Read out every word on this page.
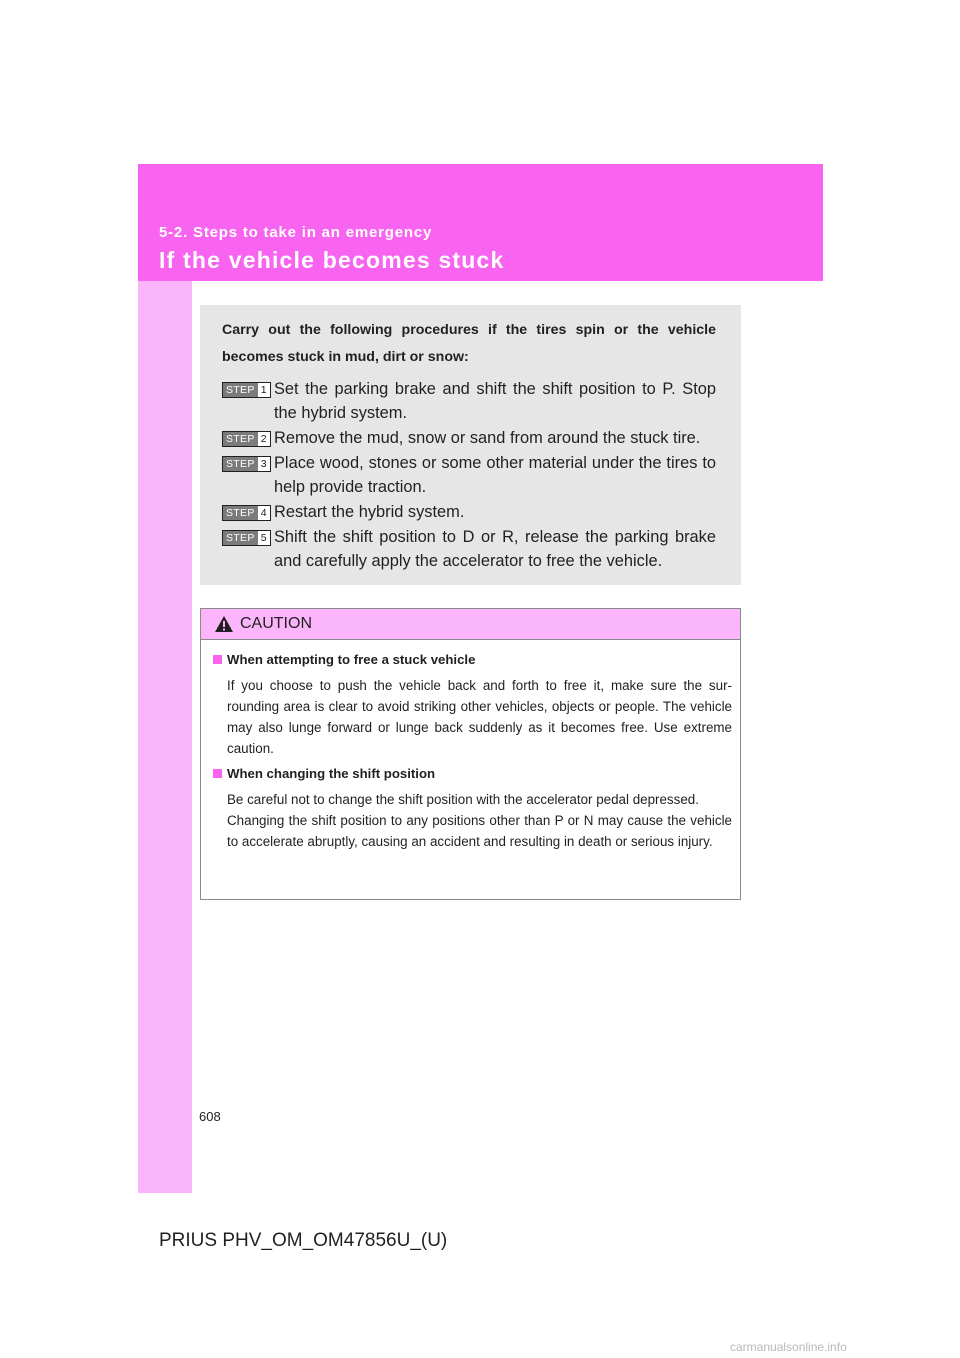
5-2. Steps to take in an emergency
If the vehicle becomes stuck

Carry out the following procedures if the tires spin or the vehicle becomes stuck in mud, dirt or snow:

STEP 1 Set the parking brake and shift the shift position to P. Stop the hybrid system.
STEP 2 Remove the mud, snow or sand from around the stuck tire.
STEP 3 Place wood, stones or some other material under the tires to help provide traction.
STEP 4 Restart the hybrid system.
STEP 5 Shift the shift position to D or R, release the parking brake and carefully apply the accelerator to free the vehicle.
CAUTION

When attempting to free a stuck vehicle

If you choose to push the vehicle back and forth to free it, make sure the sur-rounding area is clear to avoid striking other vehicles, objects or people. The vehicle may also lunge forward or lunge back suddenly as it becomes free. Use extreme caution.

When changing the shift position

Be careful not to change the shift position with the accelerator pedal depressed.

Changing the shift position to any positions other than P or N may cause the vehicle to accelerate abruptly, causing an accident and resulting in death or serious injury.

608
PRIUS PHV_OM_OM47856U_(U)
carmanualsonline.info
